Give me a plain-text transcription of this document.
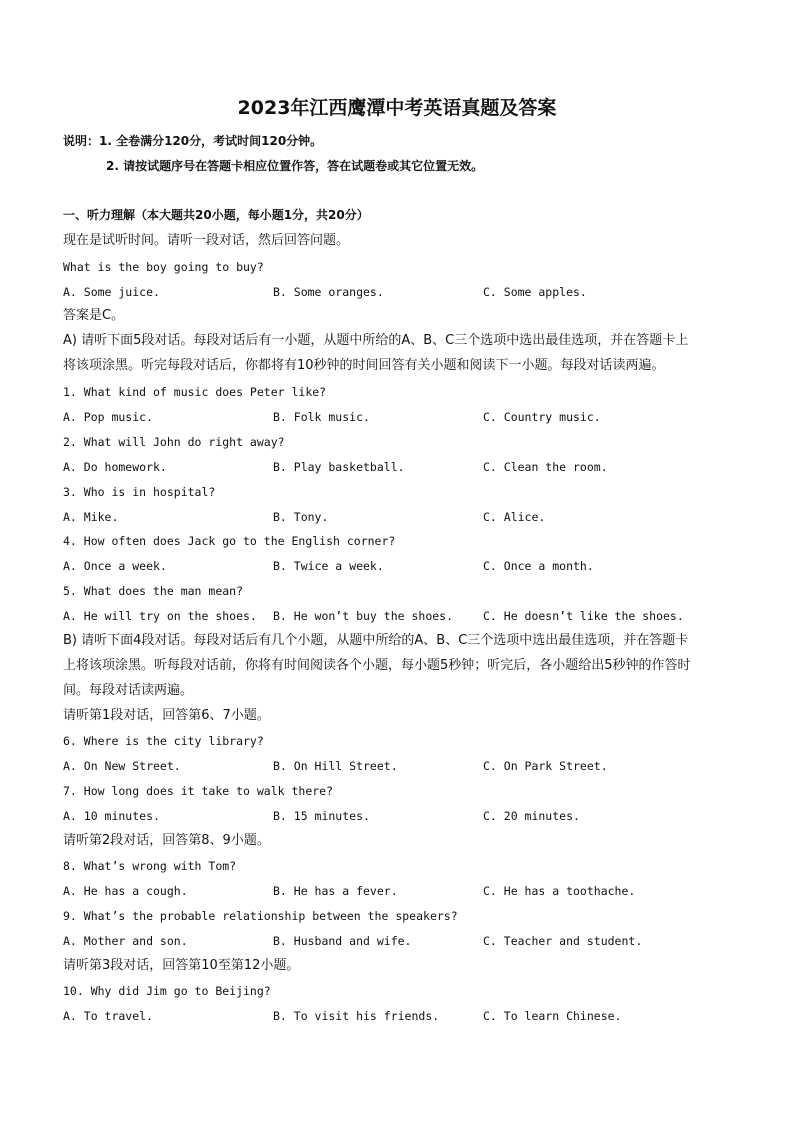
2023年江西鹰潭中考英语真题及答案
说明：1. 全卷满分120分，考试时间120分钟。
2. 请按试题序号在答题卡相应位置作答，答在试题卷或其它位置无效。
一、听力理解（本大题共20小题，每小题1分，共20分）
现在是试听时间。请听一段对话，然后回答问题。
What is the boy going to buy?
A. Some juice.	B. Some oranges.	C. Some apples.
答案是C。
A) 请听下面5段对话。每段对话后有一小题，从题中所给的A、B、C三个选项中选出最佳选项，并在答题卡上
将该项涂黑。听完每段对话后，你都将有10秒钟的时间回答有关小题和阅读下一小题。每段对话读两遍。
1. What kind of music does Peter like?
A. Pop music.	B. Folk music.	C. Country music.
2. What will John do right away?
A. Do homework.	B. Play basketball.	C. Clean the room.
3. Who is in hospital?
A. Mike.	B. Tony.	C. Alice.
4. How often does Jack go to the English corner?
A. Once a week.	B. Twice a week.	C. Once a month.
5. What does the man mean?
A. He will try on the shoes. B. He won’t buy the shoes.	C. He doesn’t like the shoes.
B) 请听下面4段对话。每段对话后有几个小题，从题中所给的A、B、C三个选项中选出最佳选项，并在答题卡
上将该项涂黑。听每段对话前，你将有时间阅读各个小题，每小题5秒钟；听完后，各小题给出5秒钟的作答时
间。每段对话读两遍。
请听第1段对话，回答第6、7小题。
6. Where is the city library?
A. On New Street.	B. On Hill Street.	C. On Park Street.
7. How long does it take to walk there?
A. 10 minutes.	B. 15 minutes.	C. 20 minutes.
请听第2段对话，回答第8、9小题。
8. What’s wrong with Tom?
A. He has a cough.	B. He has a fever.	C. He has a toothache.
9. What’s the probable relationship between the speakers?
A. Mother and son.	B. Husband and wife.	C. Teacher and student.
请听第3段对话，回答第10至第12小题。
10. Why did Jim go to Beijing?
A. To travel.	B. To visit his friends.	C. To learn Chinese.
